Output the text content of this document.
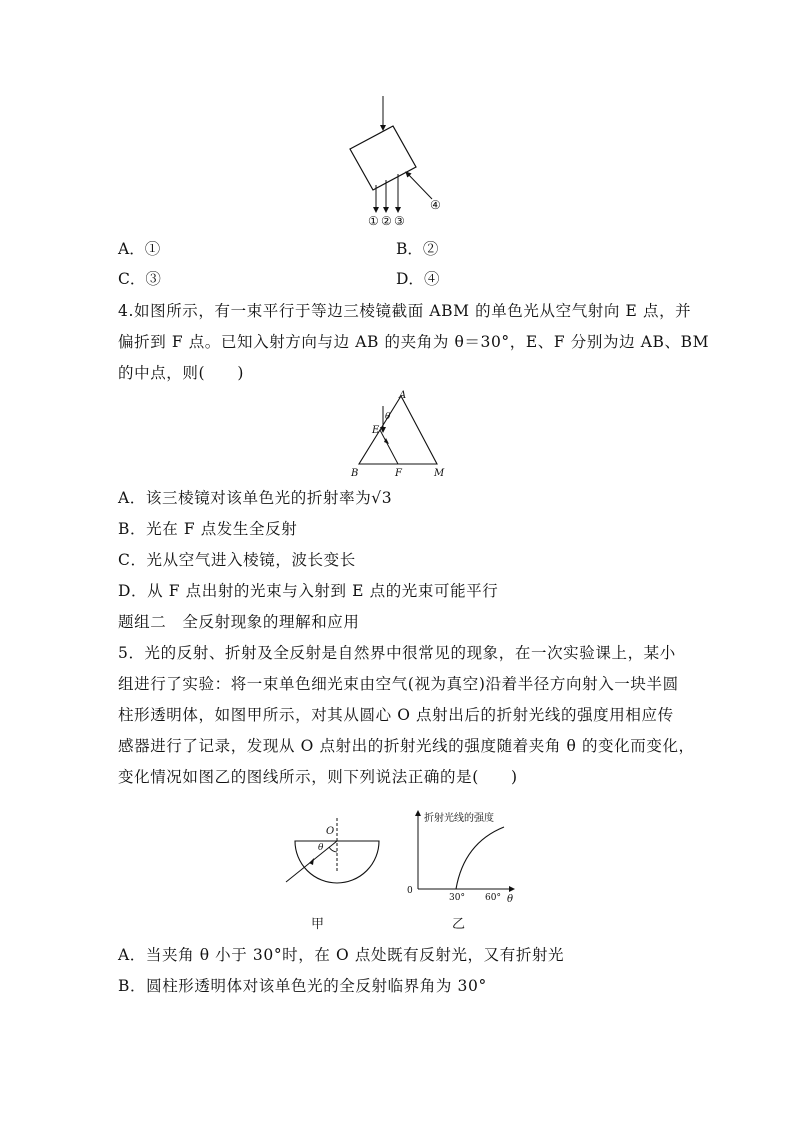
① ② ③
④
A．①	B．②
C．③	D．④
4.如图所示，有一束平行于等边三棱镜截面 ABM 的单色光从空气射向 E 点，并
偏折到 F 点。已知入射方向与边 AB 的夹角为 θ＝30°，E、F 分别为边 AB、BM
的中点，则(　　)
A
θ
E
B	F	M
A．该三棱镜对该单色光的折射率为√3
B．光在 F 点发生全反射
C．光从空气进入棱镜，波长变长
D．从 F 点出射的光束与入射到 E 点的光束可能平行
题组二　全反射现象的理解和应用
5．光的反射、折射及全反射是自然界中很常见的现象，在一次实验课上，某小
组进行了实验：将一束单色细光束由空气(视为真空)沿着半径方向射入一块半圆
柱形透明体，如图甲所示，对其从圆心 O 点射出后的折射光线的强度用相应传
感器进行了记录，发现从 O 点射出的折射光线的强度随着夹角 θ 的变化而变化，
变化情况如图乙的图线所示，则下列说法正确的是(　　)
O
θ
甲
折射光线的强度
0
30° 60° θ
乙
A．当夹角 θ 小于 30°时，在 O 点处既有反射光，又有折射光
B．圆柱形透明体对该单色光的全反射临界角为 30°
